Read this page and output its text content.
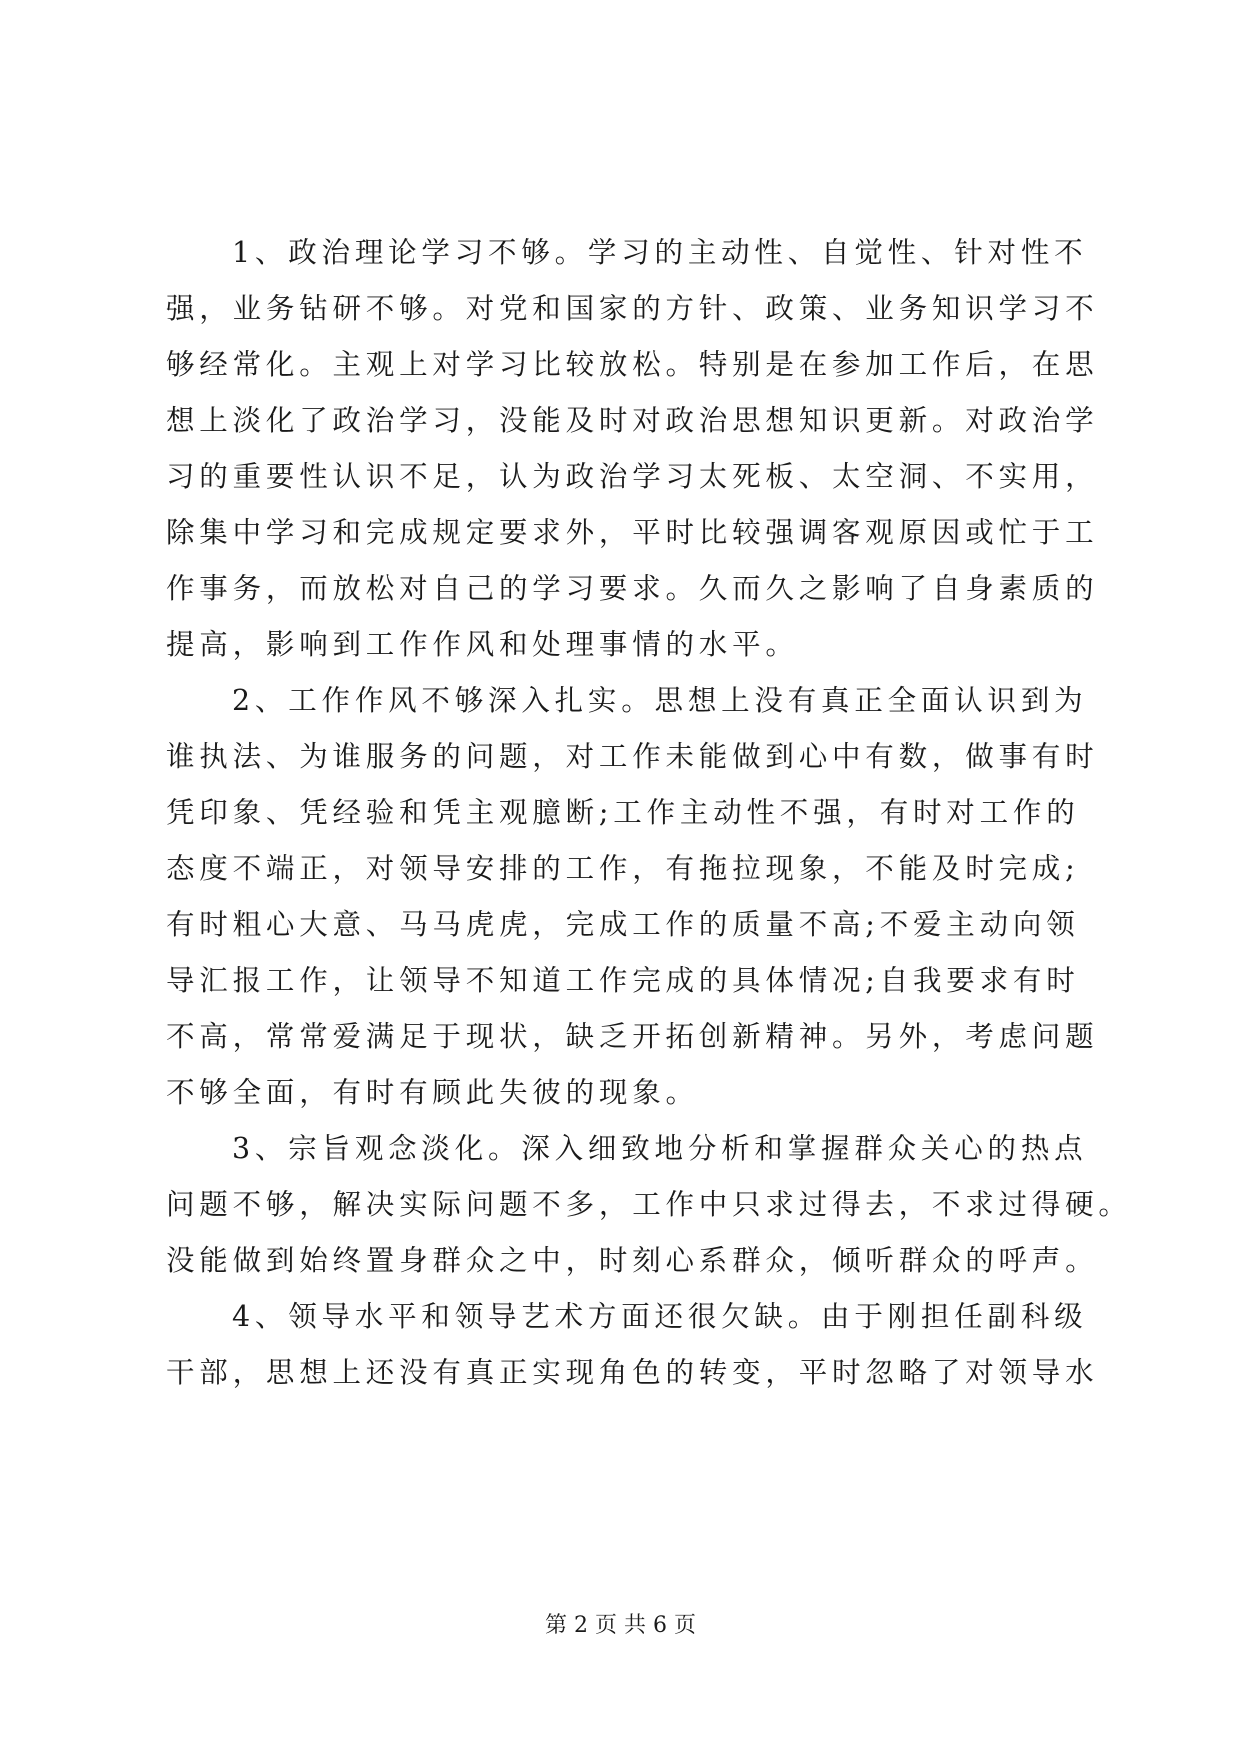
1、政治理论学习不够。学习的主动性、自觉性、针对性不
强，业务钻研不够。对党和国家的方针、政策、业务知识学习不
够经常化。主观上对学习比较放松。特别是在参加工作后，在思
想上淡化了政治学习，没能及时对政治思想知识更新。对政治学
习的重要性认识不足，认为政治学习太死板、太空洞、不实用，
除集中学习和完成规定要求外，平时比较强调客观原因或忙于工
作事务，而放松对自己的学习要求。久而久之影响了自身素质的
提高，影响到工作作风和处理事情的水平。
2、工作作风不够深入扎实。思想上没有真正全面认识到为
谁执法、为谁服务的问题，对工作未能做到心中有数，做事有时
凭印象、凭经验和凭主观臆断;工作主动性不强，有时对工作的
态度不端正，对领导安排的工作，有拖拉现象，不能及时完成;
有时粗心大意、马马虎虎，完成工作的质量不高;不爱主动向领
导汇报工作，让领导不知道工作完成的具体情况;自我要求有时
不高，常常爱满足于现状，缺乏开拓创新精神。另外，考虑问题
不够全面，有时有顾此失彼的现象。
3、宗旨观念淡化。深入细致地分析和掌握群众关心的热点
问题不够，解决实际问题不多，工作中只求过得去，不求过得硬。
没能做到始终置身群众之中，时刻心系群众，倾听群众的呼声。
4、领导水平和领导艺术方面还很欠缺。由于刚担任副科级
干部，思想上还没有真正实现角色的转变，平时忽略了对领导水
第 2 页 共 6 页
